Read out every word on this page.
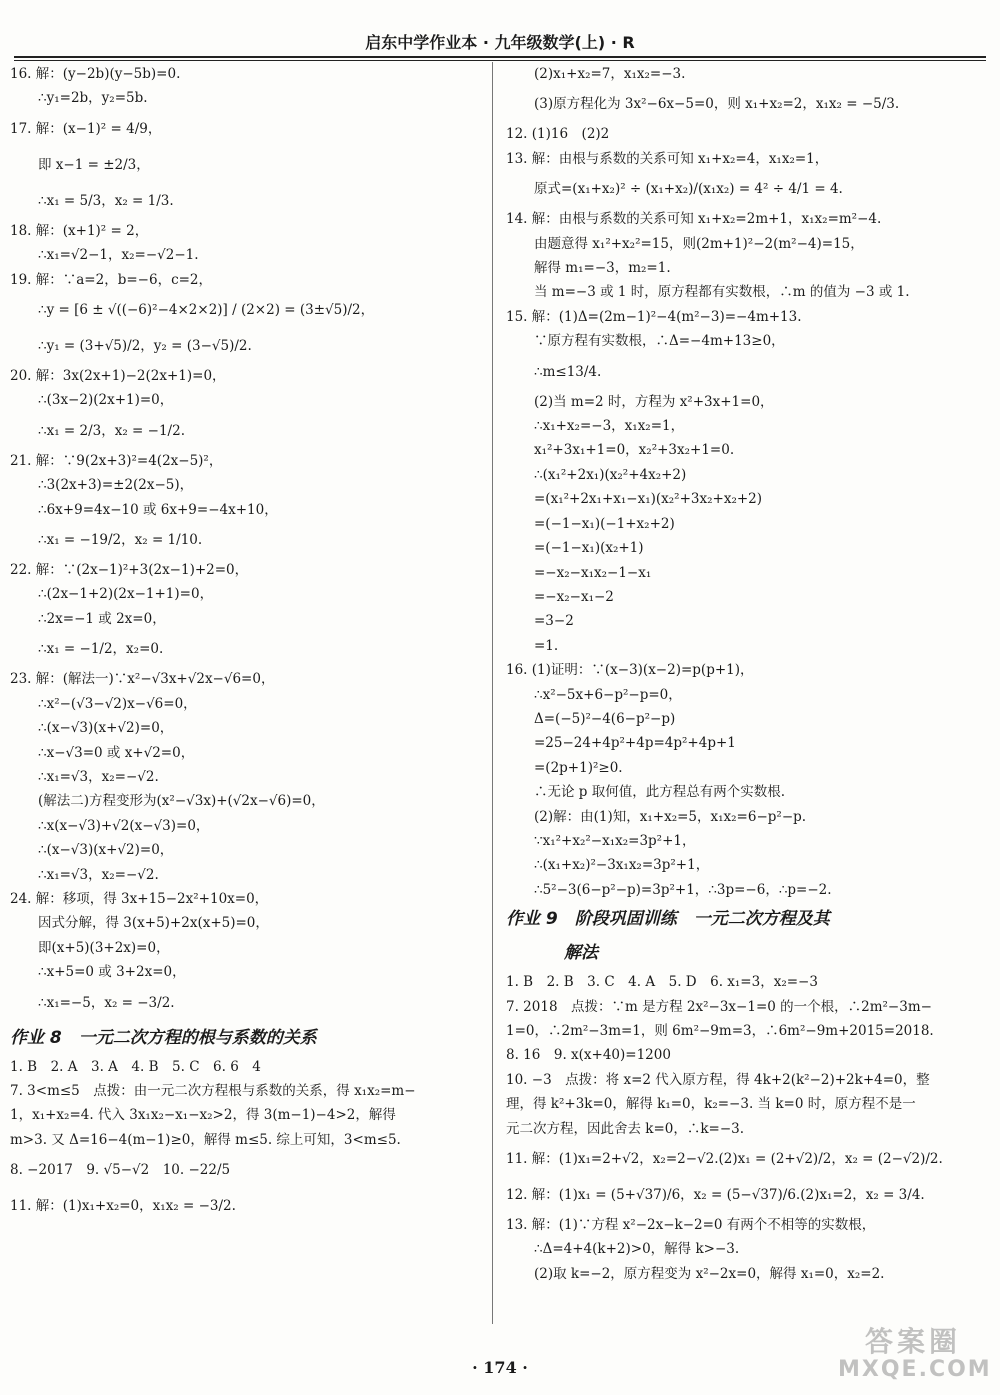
启东中学作业本 · 九年级数学(上) · R
16. 解：(y−2b)(y−5b)=0.
∴y₁=2b，y₂=5b.
17. 解：(x−1)² = 4/9，
即 x−1 = ±2/3，
∴x₁ = 5/3，x₂ = 1/3.
18. 解：(x+1)² = 2，
∴x₁=√2−1，x₂=−√2−1.
19. 解：∵a=2，b=−6，c=2，
∴y = [6 ± √((−6)²−4×2×2)] / (2×2) = (3±√5)/2，
∴y₁ = (3+√5)/2，y₂ = (3−√5)/2.
20. 解：3x(2x+1)−2(2x+1)=0，
∴(3x−2)(2x+1)=0，
∴x₁ = 2/3，x₂ = −1/2.
21. 解：∵9(2x+3)²=4(2x−5)²，
∴3(2x+3)=±2(2x−5)，
∴6x+9=4x−10 或 6x+9=−4x+10，
∴x₁ = −19/2，x₂ = 1/10.
22. 解：∵(2x−1)²+3(2x−1)+2=0，
∴(2x−1+2)(2x−1+1)=0，
∴2x=−1 或 2x=0，
∴x₁ = −1/2，x₂=0.
23. 解：(解法一)∵x²−√3x+√2x−√6=0，
∴x²−(√3−√2)x−√6=0，
∴(x−√3)(x+√2)=0，
∴x−√3=0 或 x+√2=0，
∴x₁=√3，x₂=−√2.
(解法二)方程变形为(x²−√3x)+(√2x−√6)=0，
∴x(x−√3)+√2(x−√3)=0，
∴(x−√3)(x+√2)=0，
∴x₁=√3，x₂=−√2.
24. 解：移项，得 3x+15−2x²+10x=0，
因式分解，得 3(x+5)+2x(x+5)=0，
即(x+5)(3+2x)=0，
∴x+5=0 或 3+2x=0，
∴x₁=−5，x₂ = −3/2.
作业 8　一元二次方程的根与系数的关系
1. B　2. A　3. A　4. B　5. C　6. 6　4
7. 3<m≤5　点拨：由一元二次方程根与系数的关系，得 x₁x₂=m−
1，x₁+x₂=4. 代入 3x₁x₂−x₁−x₂>2，得 3(m−1)−4>2，解得
m>3. 又 Δ=16−4(m−1)≥0，解得 m≤5. 综上可知，3<m≤5.
8. −2017　9. √5−√2　10. −22/5
11. 解：(1)x₁+x₂=0，x₁x₂ = −3/2.
(2)x₁+x₂=7，x₁x₂=−3.
(3)原方程化为 3x²−6x−5=0，则 x₁+x₂=2，x₁x₂ = −5/3.
12. (1)16　(2)2
13. 解：由根与系数的关系可知 x₁+x₂=4，x₁x₂=1，
原式=(x₁+x₂)² ÷ (x₁+x₂)/(x₁x₂) = 4² ÷ 4/1 = 4.
14. 解：由根与系数的关系可知 x₁+x₂=2m+1，x₁x₂=m²−4.
由题意得 x₁²+x₂²=15，则(2m+1)²−2(m²−4)=15，
解得 m₁=−3，m₂=1.
当 m=−3 或 1 时，原方程都有实数根，∴m 的值为 −3 或 1.
15. 解：(1)Δ=(2m−1)²−4(m²−3)=−4m+13.
∵原方程有实数根，∴Δ=−4m+13≥0，
∴m≤13/4.
(2)当 m=2 时，方程为 x²+3x+1=0，
∴x₁+x₂=−3，x₁x₂=1，
x₁²+3x₁+1=0，x₂²+3x₂+1=0.
∴(x₁²+2x₁)(x₂²+4x₂+2)
=(x₁²+2x₁+x₁−x₁)(x₂²+3x₂+x₂+2)
=(−1−x₁)(−1+x₂+2)
=(−1−x₁)(x₂+1)
=−x₂−x₁x₂−1−x₁
=−x₂−x₁−2
=3−2
=1.
16. (1)证明：∵(x−3)(x−2)=p(p+1)，
∴x²−5x+6−p²−p=0，
Δ=(−5)²−4(6−p²−p)
=25−24+4p²+4p=4p²+4p+1
=(2p+1)²≥0.
∴无论 p 取何值，此方程总有两个实数根.
(2)解：由(1)知，x₁+x₂=5，x₁x₂=6−p²−p.
∵x₁²+x₂²−x₁x₂=3p²+1，
∴(x₁+x₂)²−3x₁x₂=3p²+1，
∴5²−3(6−p²−p)=3p²+1，∴3p=−6，∴p=−2.
作业 9　阶段巩固训练　一元二次方程及其
解法
1. B　2. B　3. C　4. A　5. D　6. x₁=3，x₂=−3
7. 2018　点拨：∵m 是方程 2x²−3x−1=0 的一个根，∴2m²−3m−
1=0，∴2m²−3m=1，则 6m²−9m=3，∴6m²−9m+2015=2018.
8. 16　9. x(x+40)=1200
10. −3　点拨：将 x=2 代入原方程，得 4k+2(k²−2)+2k+4=0，整
理，得 k²+3k=0，解得 k₁=0，k₂=−3. 当 k=0 时，原方程不是一
元二次方程，因此舍去 k=0，∴k=−3.
11. 解：(1)x₁=2+√2，x₂=2−√2.(2)x₁ = (2+√2)/2，x₂ = (2−√2)/2.
12. 解：(1)x₁ = (5+√37)/6，x₂ = (5−√37)/6.(2)x₁=2，x₂ = 3/4.
13. 解：(1)∵方程 x²−2x−k−2=0 有两个不相等的实数根，
∴Δ=4+4(k+2)>0，解得 k>−3.
(2)取 k=−2，原方程变为 x²−2x=0，解得 x₁=0，x₂=2.
· 174 ·
答案圈
MXQE.COM
